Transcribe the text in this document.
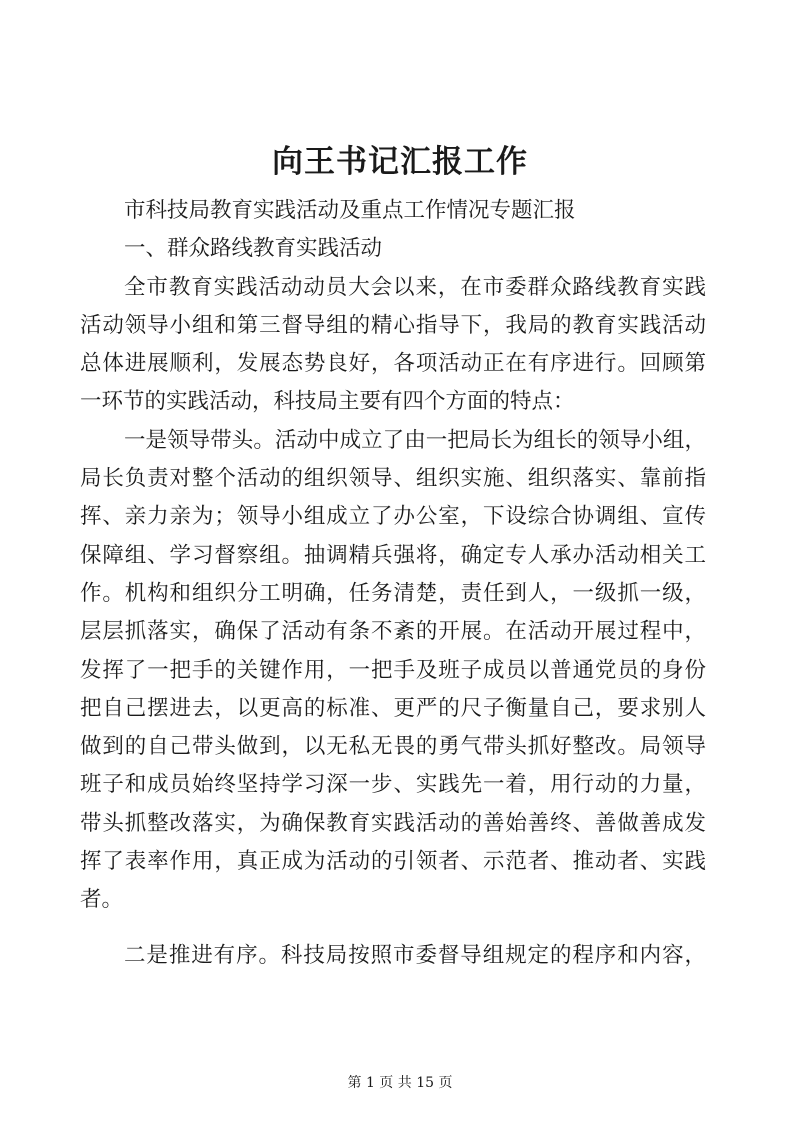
向王书记汇报工作
市科技局教育实践活动及重点工作情况专题汇报
一、群众路线教育实践活动
全市教育实践活动动员大会以来，在市委群众路线教育实践
活动领导小组和第三督导组的精心指导下，我局的教育实践活动
总体进展顺利，发展态势良好，各项活动正在有序进行。回顾第
一环节的实践活动，科技局主要有四个方面的特点：
一是领导带头。活动中成立了由一把局长为组长的领导小组，
局长负责对整个活动的组织领导、组织实施、组织落实、靠前指
挥、亲力亲为；领导小组成立了办公室，下设综合协调组、宣传
保障组、学习督察组。抽调精兵强将，确定专人承办活动相关工
作。机构和组织分工明确，任务清楚，责任到人，一级抓一级，
层层抓落实，确保了活动有条不紊的开展。在活动开展过程中，
发挥了一把手的关键作用，一把手及班子成员以普通党员的身份
把自己摆进去，以更高的标准、更严的尺子衡量自己，要求别人
做到的自己带头做到，以无私无畏的勇气带头抓好整改。局领导
班子和成员始终坚持学习深一步、实践先一着，用行动的力量，
带头抓整改落实，为确保教育实践活动的善始善终、善做善成发
挥了表率作用，真正成为活动的引领者、示范者、推动者、实践
者。
二是推进有序。科技局按照市委督导组规定的程序和内容，
第 1 页 共 15 页
